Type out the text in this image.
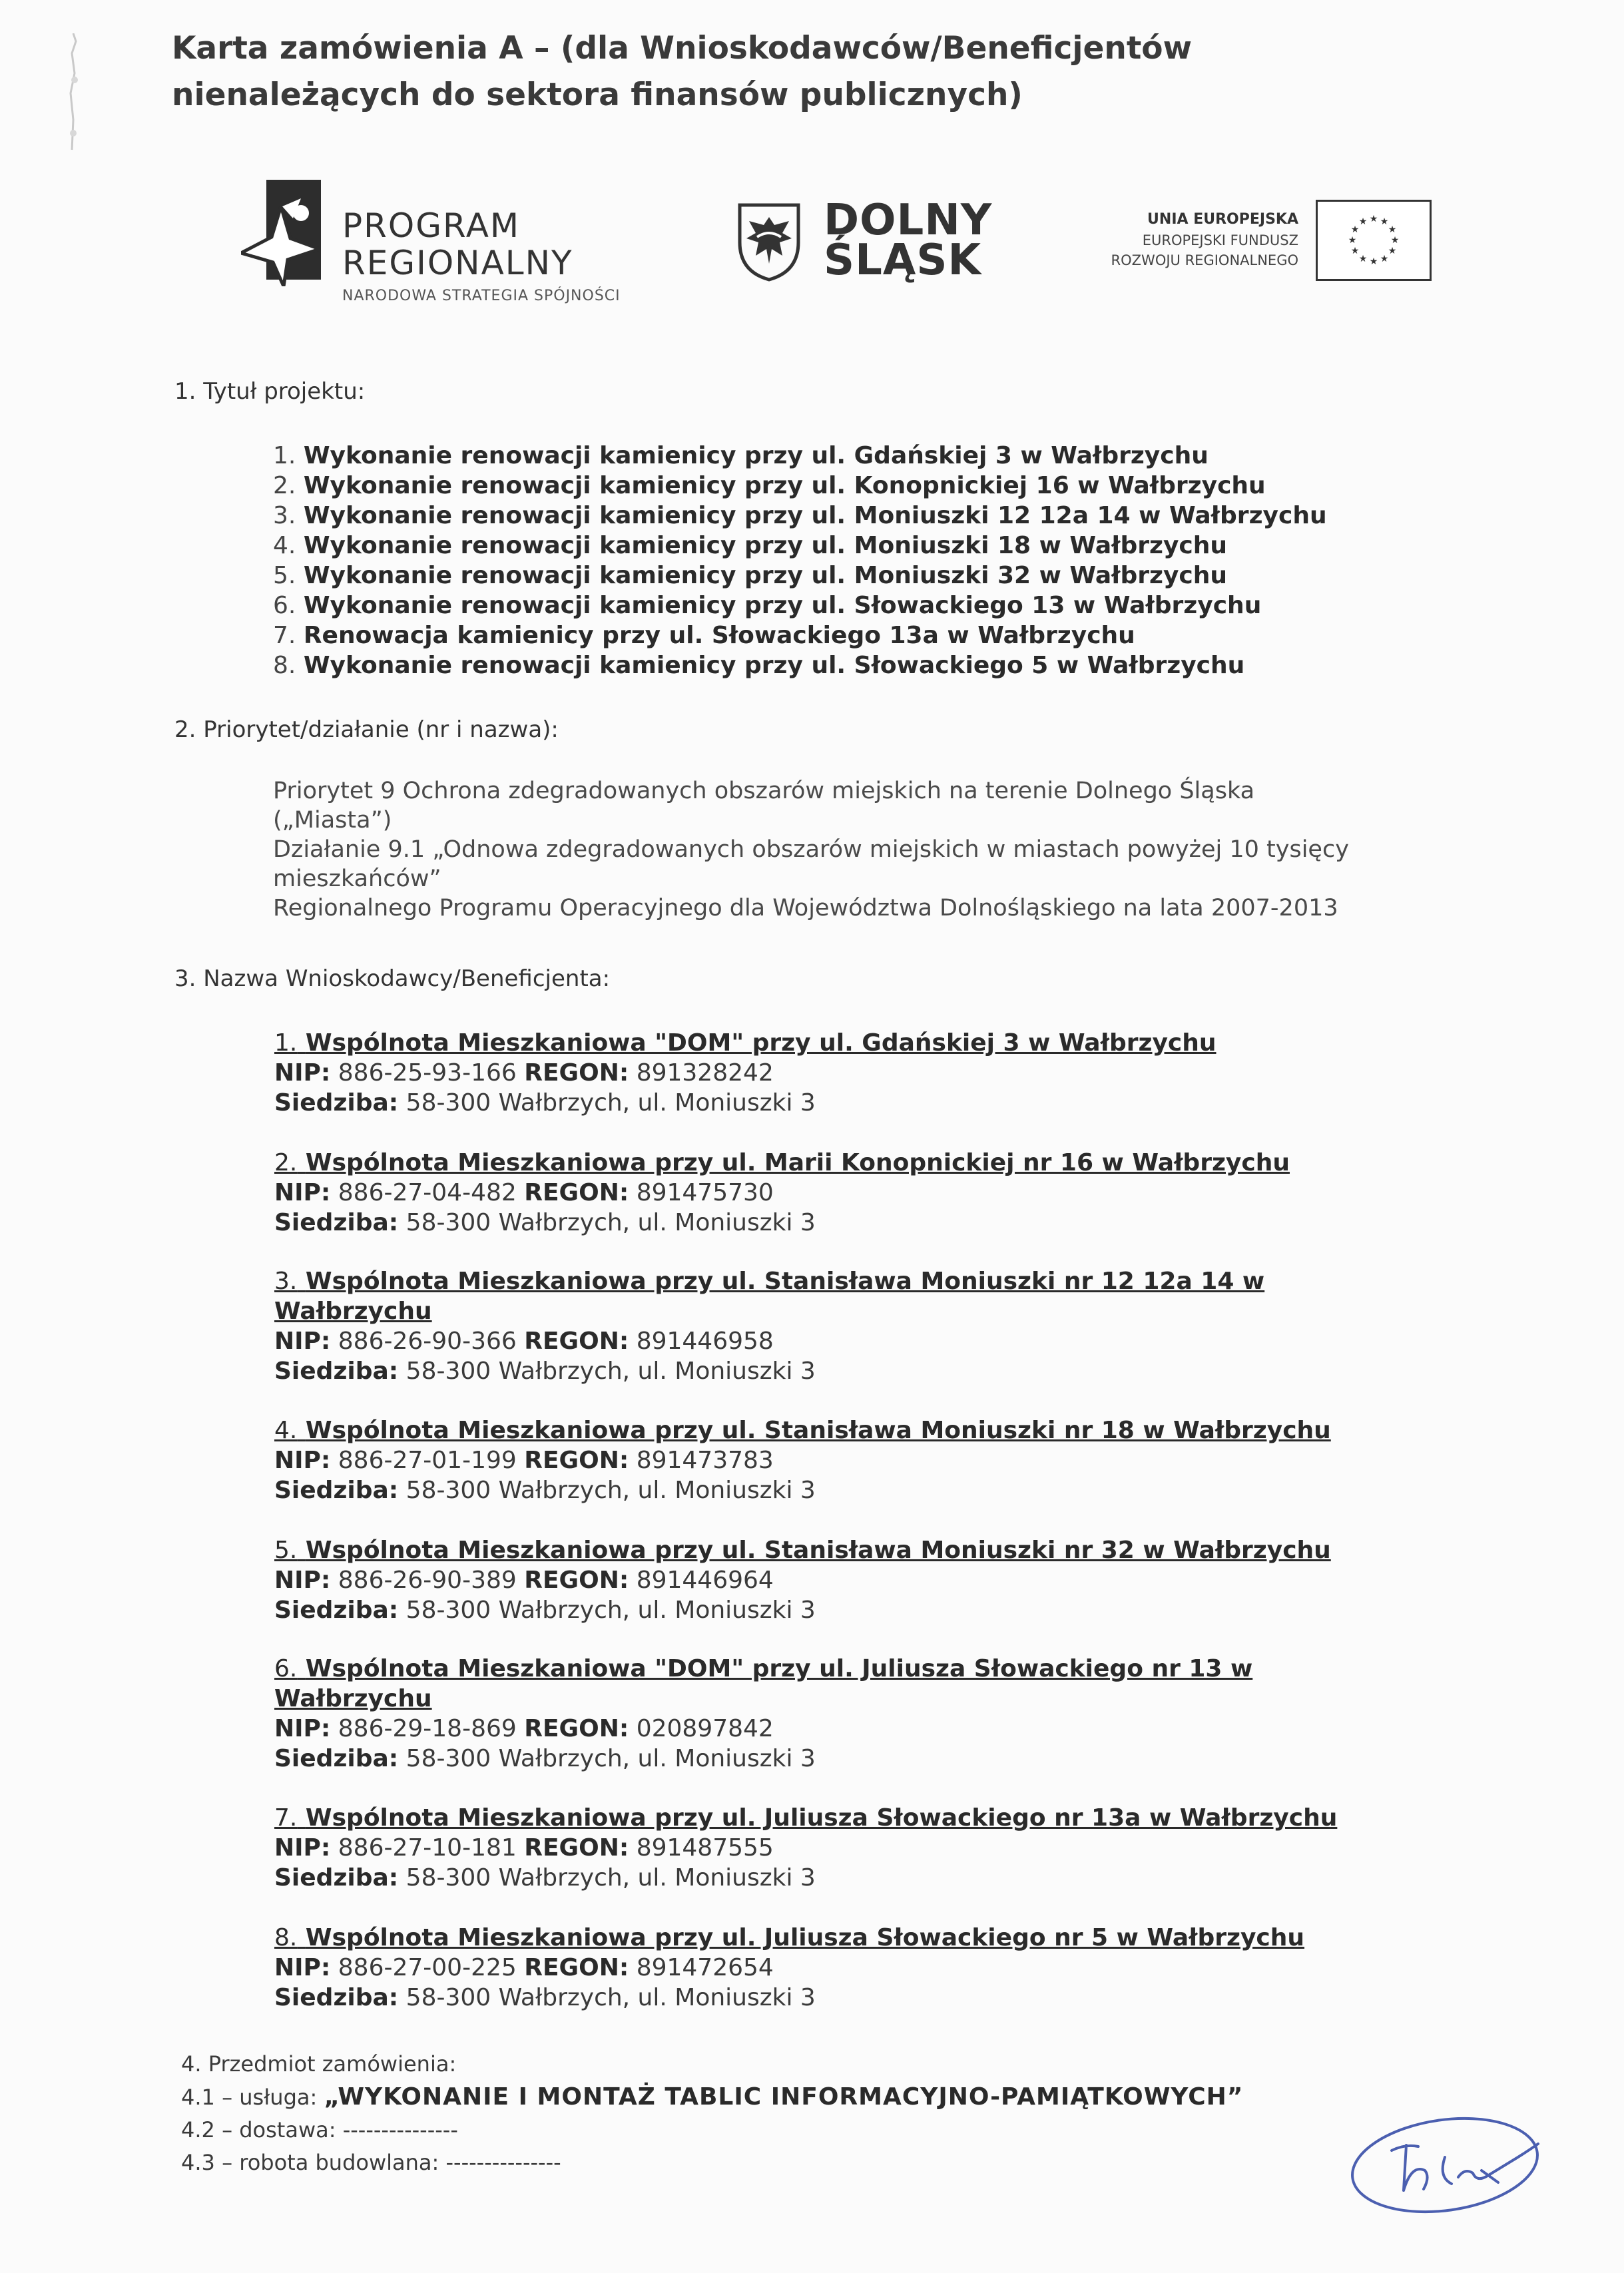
Karta zamówienia A – (dla Wnioskodawców/Beneficjentów nienależących do sektora finansów publicznych)
PROGRAM
REGIONALNY
NARODOWA STRATEGIA SPÓJNOŚCI
DOLNY
ŚLĄSK
UNIA EUROPEJSKA
EUROPEJSKI FUNDUSZ
ROZWOJU REGIONALNEGO
★ ★
★
★
★
★
★
★
★
★
★
★
1. Tytuł projektu:
1. Wykonanie renowacji kamienicy przy ul. Gdańskiej 3 w Wałbrzychu
2. Wykonanie renowacji kamienicy przy ul. Konopnickiej 16 w Wałbrzychu
3. Wykonanie renowacji kamienicy przy ul. Moniuszki 12 12a 14 w Wałbrzychu
4. Wykonanie renowacji kamienicy przy ul. Moniuszki 18 w Wałbrzychu
5. Wykonanie renowacji kamienicy przy ul. Moniuszki 32 w Wałbrzychu
6. Wykonanie renowacji kamienicy przy ul. Słowackiego 13 w Wałbrzychu
7. Renowacja kamienicy przy ul. Słowackiego 13a w Wałbrzychu
8. Wykonanie renowacji kamienicy przy ul. Słowackiego 5 w Wałbrzychu
2. Priorytet/działanie (nr i nazwa):
Priorytet 9 Ochrona zdegradowanych obszarów miejskich na terenie Dolnego Śląska
(„Miasta”)
Działanie 9.1 „Odnowa zdegradowanych obszarów miejskich w miastach powyżej 10 tysięcy
mieszkańców”
Regionalnego Programu Operacyjnego dla Województwa Dolnośląskiego na lata 2007-2013
3. Nazwa Wnioskodawcy/Beneficjenta:
1. Wspólnota Mieszkaniowa "DOM" przy ul. Gdańskiej 3 w Wałbrzychu
NIP: 886-25-93-166 REGON: 891328242
Siedziba: 58-300 Wałbrzych, ul. Moniuszki 3
2. Wspólnota Mieszkaniowa przy ul. Marii Konopnickiej nr 16 w Wałbrzychu
NIP: 886-27-04-482 REGON: 891475730
Siedziba: 58-300 Wałbrzych, ul. Moniuszki 3
3. Wspólnota Mieszkaniowa przy ul. Stanisława Moniuszki nr 12 12a 14 w Wałbrzychu
NIP: 886-26-90-366 REGON: 891446958
Siedziba: 58-300 Wałbrzych, ul. Moniuszki 3
4. Wspólnota Mieszkaniowa przy ul. Stanisława Moniuszki nr 18 w Wałbrzychu
NIP: 886-27-01-199 REGON: 891473783
Siedziba: 58-300 Wałbrzych, ul. Moniuszki 3
5. Wspólnota Mieszkaniowa przy ul. Stanisława Moniuszki nr 32 w Wałbrzychu
NIP: 886-26-90-389 REGON: 891446964
Siedziba: 58-300 Wałbrzych, ul. Moniuszki 3
6. Wspólnota Mieszkaniowa "DOM" przy ul. Juliusza Słowackiego nr 13 w Wałbrzychu
NIP: 886-29-18-869 REGON: 020897842
Siedziba: 58-300 Wałbrzych, ul. Moniuszki 3
7. Wspólnota Mieszkaniowa przy ul. Juliusza Słowackiego nr 13a w Wałbrzychu
NIP: 886-27-10-181 REGON: 891487555
Siedziba: 58-300 Wałbrzych, ul. Moniuszki 3
8. Wspólnota Mieszkaniowa przy ul. Juliusza Słowackiego nr 5 w Wałbrzychu
NIP: 886-27-00-225 REGON: 891472654
Siedziba: 58-300 Wałbrzych, ul. Moniuszki 3
4. Przedmiot zamówienia:
4.1 – usługa: „WYKONANIE I MONTAŻ TABLIC INFORMACYJNO-PAMIĄTKOWYCH”
4.2 – dostawa: ---------------
4.3 – robota budowlana: ---------------
